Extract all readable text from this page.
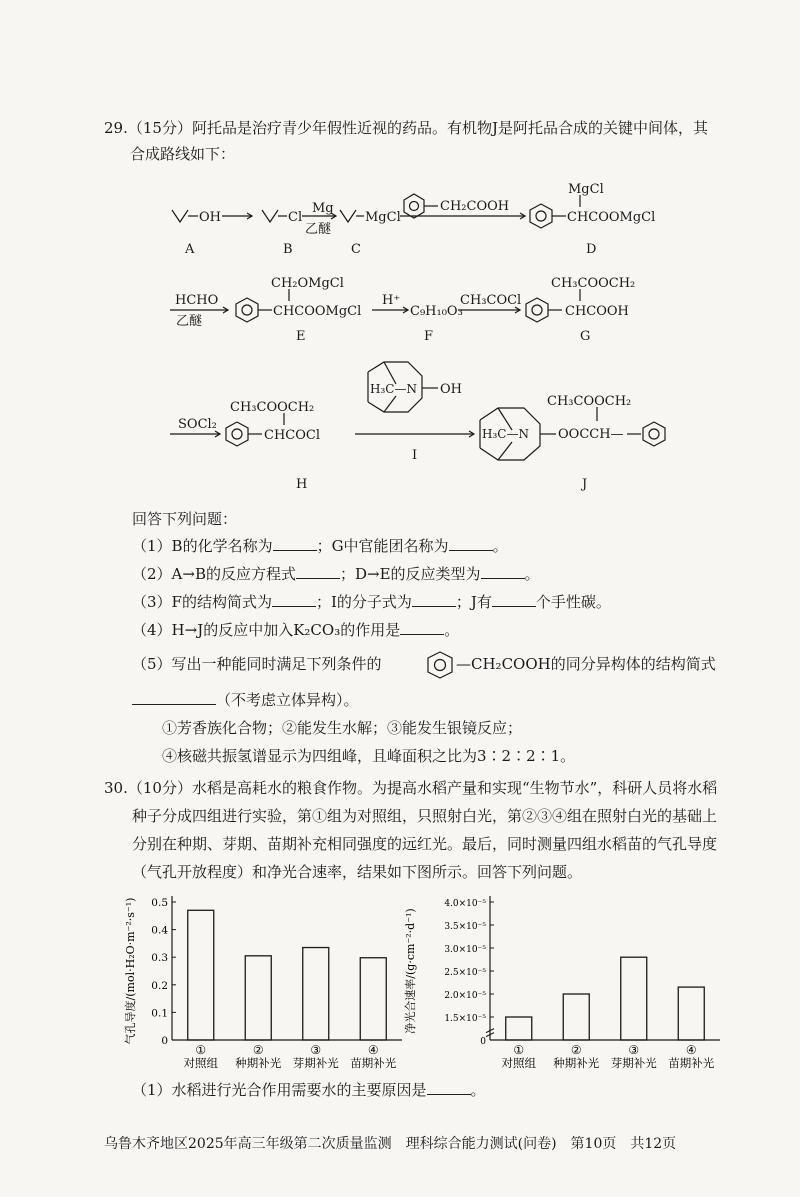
29.（15分）阿托品是治疗青少年假性近视的药品。有机物J是阿托品合成的关键中间体，其
合成路线如下：
OH
A
Cl
B
Mg
乙醚
MgCl
C
CH₂COOH
MgCl
CHCOOMgCl
D
HCHO
乙醚
CH₂OMgCl
CHCOOMgCl
E
H⁺
C₉H₁₀O₃
F
CH₃COCl
CH₃COOCH₂
CHCOOH
G
SOCl₂
CH₃COOCH₂
CHCOCl
H
H₃C—N OH
I
CH₃COOCH₂
H₃C—N OOCCH—
J
回答下列问题：
（1）B的化学名称为	；G中官能团名称为	。
（2）A→B的反应方程式	；D→E的反应类型为	。
（3）F的结构简式为	；I的分子式为	；J有	个手性碳。
（4）H→J的反应中加入K₂CO₃的作用是	。
（5）写出一种能同时满足下列条件的	—CH₂COOH的同分异构体的结构简式
（不考虑立体异构）。
①芳香族化合物；②能发生水解；③能发生银镜反应；
④核磁共振氢谱显示为四组峰，且峰面积之比为3∶2∶2∶1。
30.（10分）水稻是高耗水的粮食作物。为提高水稻产量和实现“生物节水”，科研人员将水稻
种子分成四组进行实验，第①组为对照组，只照射白光，第②③④组在照射白光的基础上
分别在种期、芽期、苗期补充相同强度的远红光。最后，同时测量四组水稻苗的气孔导度
（气孔开放程度）和净光合速率，结果如下图所示。回答下列问题。
气孔导度/(mol·H₂O·m⁻²·s⁻¹) 0
0.1
0.2
0.3
0.4
0.5
①
对照组
②
种期补光
③
芽期补光
④
苗期补光
净光合速率/(g·cm⁻²·d⁻¹)
0
1.5×10⁻⁵
2.0×10⁻⁵
2.5×10⁻⁵
3.0×10⁻⁵
3.5×10⁻⁵
4.0×10⁻⁵
①
对照组
②
种期补光
③
芽期补光
④
苗期补光
（1）水稻进行光合作用需要水的主要原因是	。
乌鲁木齐地区2025年高三年级第二次质量监测　理科综合能力测试(问卷)　第10页　共12页
